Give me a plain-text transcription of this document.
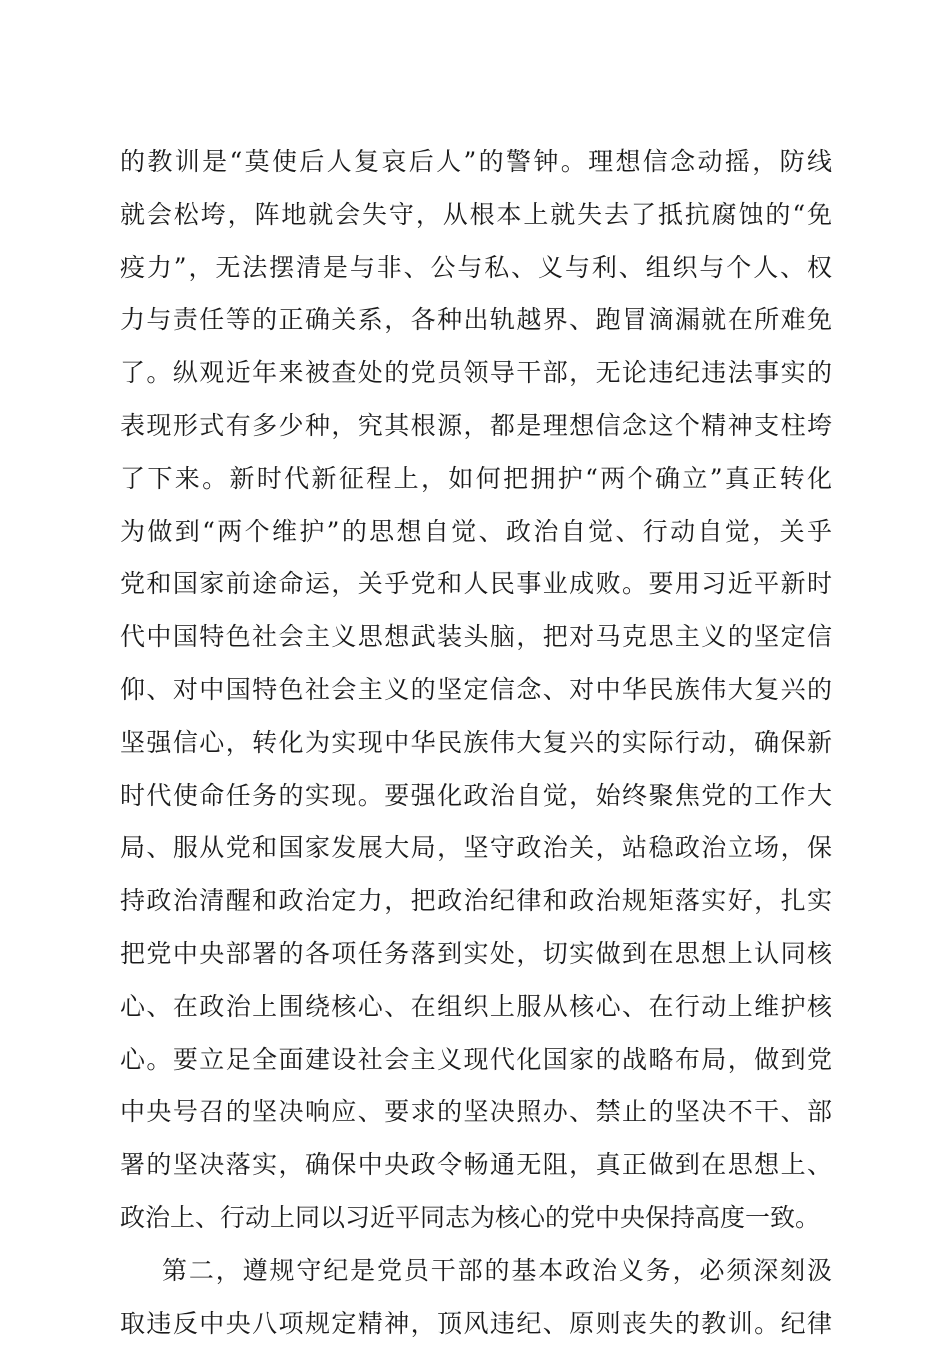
的教训是“莫使后人复哀后人”的警钟。理想信念动摇，防线
就会松垮，阵地就会失守，从根本上就失去了抵抗腐蚀的“免
疫力”，无法摆清是与非、公与私、义与利、组织与个人、权
力与责任等的正确关系，各种出轨越界、跑冒滴漏就在所难免
了。纵观近年来被查处的党员领导干部，无论违纪违法事实的
表现形式有多少种，究其根源，都是理想信念这个精神支柱垮
了下来。新时代新征程上，如何把拥护“两个确立”真正转化
为做到“两个维护”的思想自觉、政治自觉、行动自觉，关乎
党和国家前途命运，关乎党和人民事业成败。要用习近平新时
代中国特色社会主义思想武装头脑，把对马克思主义的坚定信
仰、对中国特色社会主义的坚定信念、对中华民族伟大复兴的
坚强信心，转化为实现中华民族伟大复兴的实际行动，确保新
时代使命任务的实现。要强化政治自觉，始终聚焦党的工作大
局、服从党和国家发展大局，坚守政治关，站稳政治立场，保
持政治清醒和政治定力，把政治纪律和政治规矩落实好，扎实
把党中央部署的各项任务落到实处，切实做到在思想上认同核
心、在政治上围绕核心、在组织上服从核心、在行动上维护核
心。要立足全面建设社会主义现代化国家的战略布局，做到党
中央号召的坚决响应、要求的坚决照办、禁止的坚决不干、部
署的坚决落实，确保中央政令畅通无阻，真正做到在思想上、
政治上、行动上同以习近平同志为核心的党中央保持高度一致。
第二，遵规守纪是党员干部的基本政治义务，必须深刻汲
取违反中央八项规定精神，顶风违纪、原则丧失的教训。纪律
